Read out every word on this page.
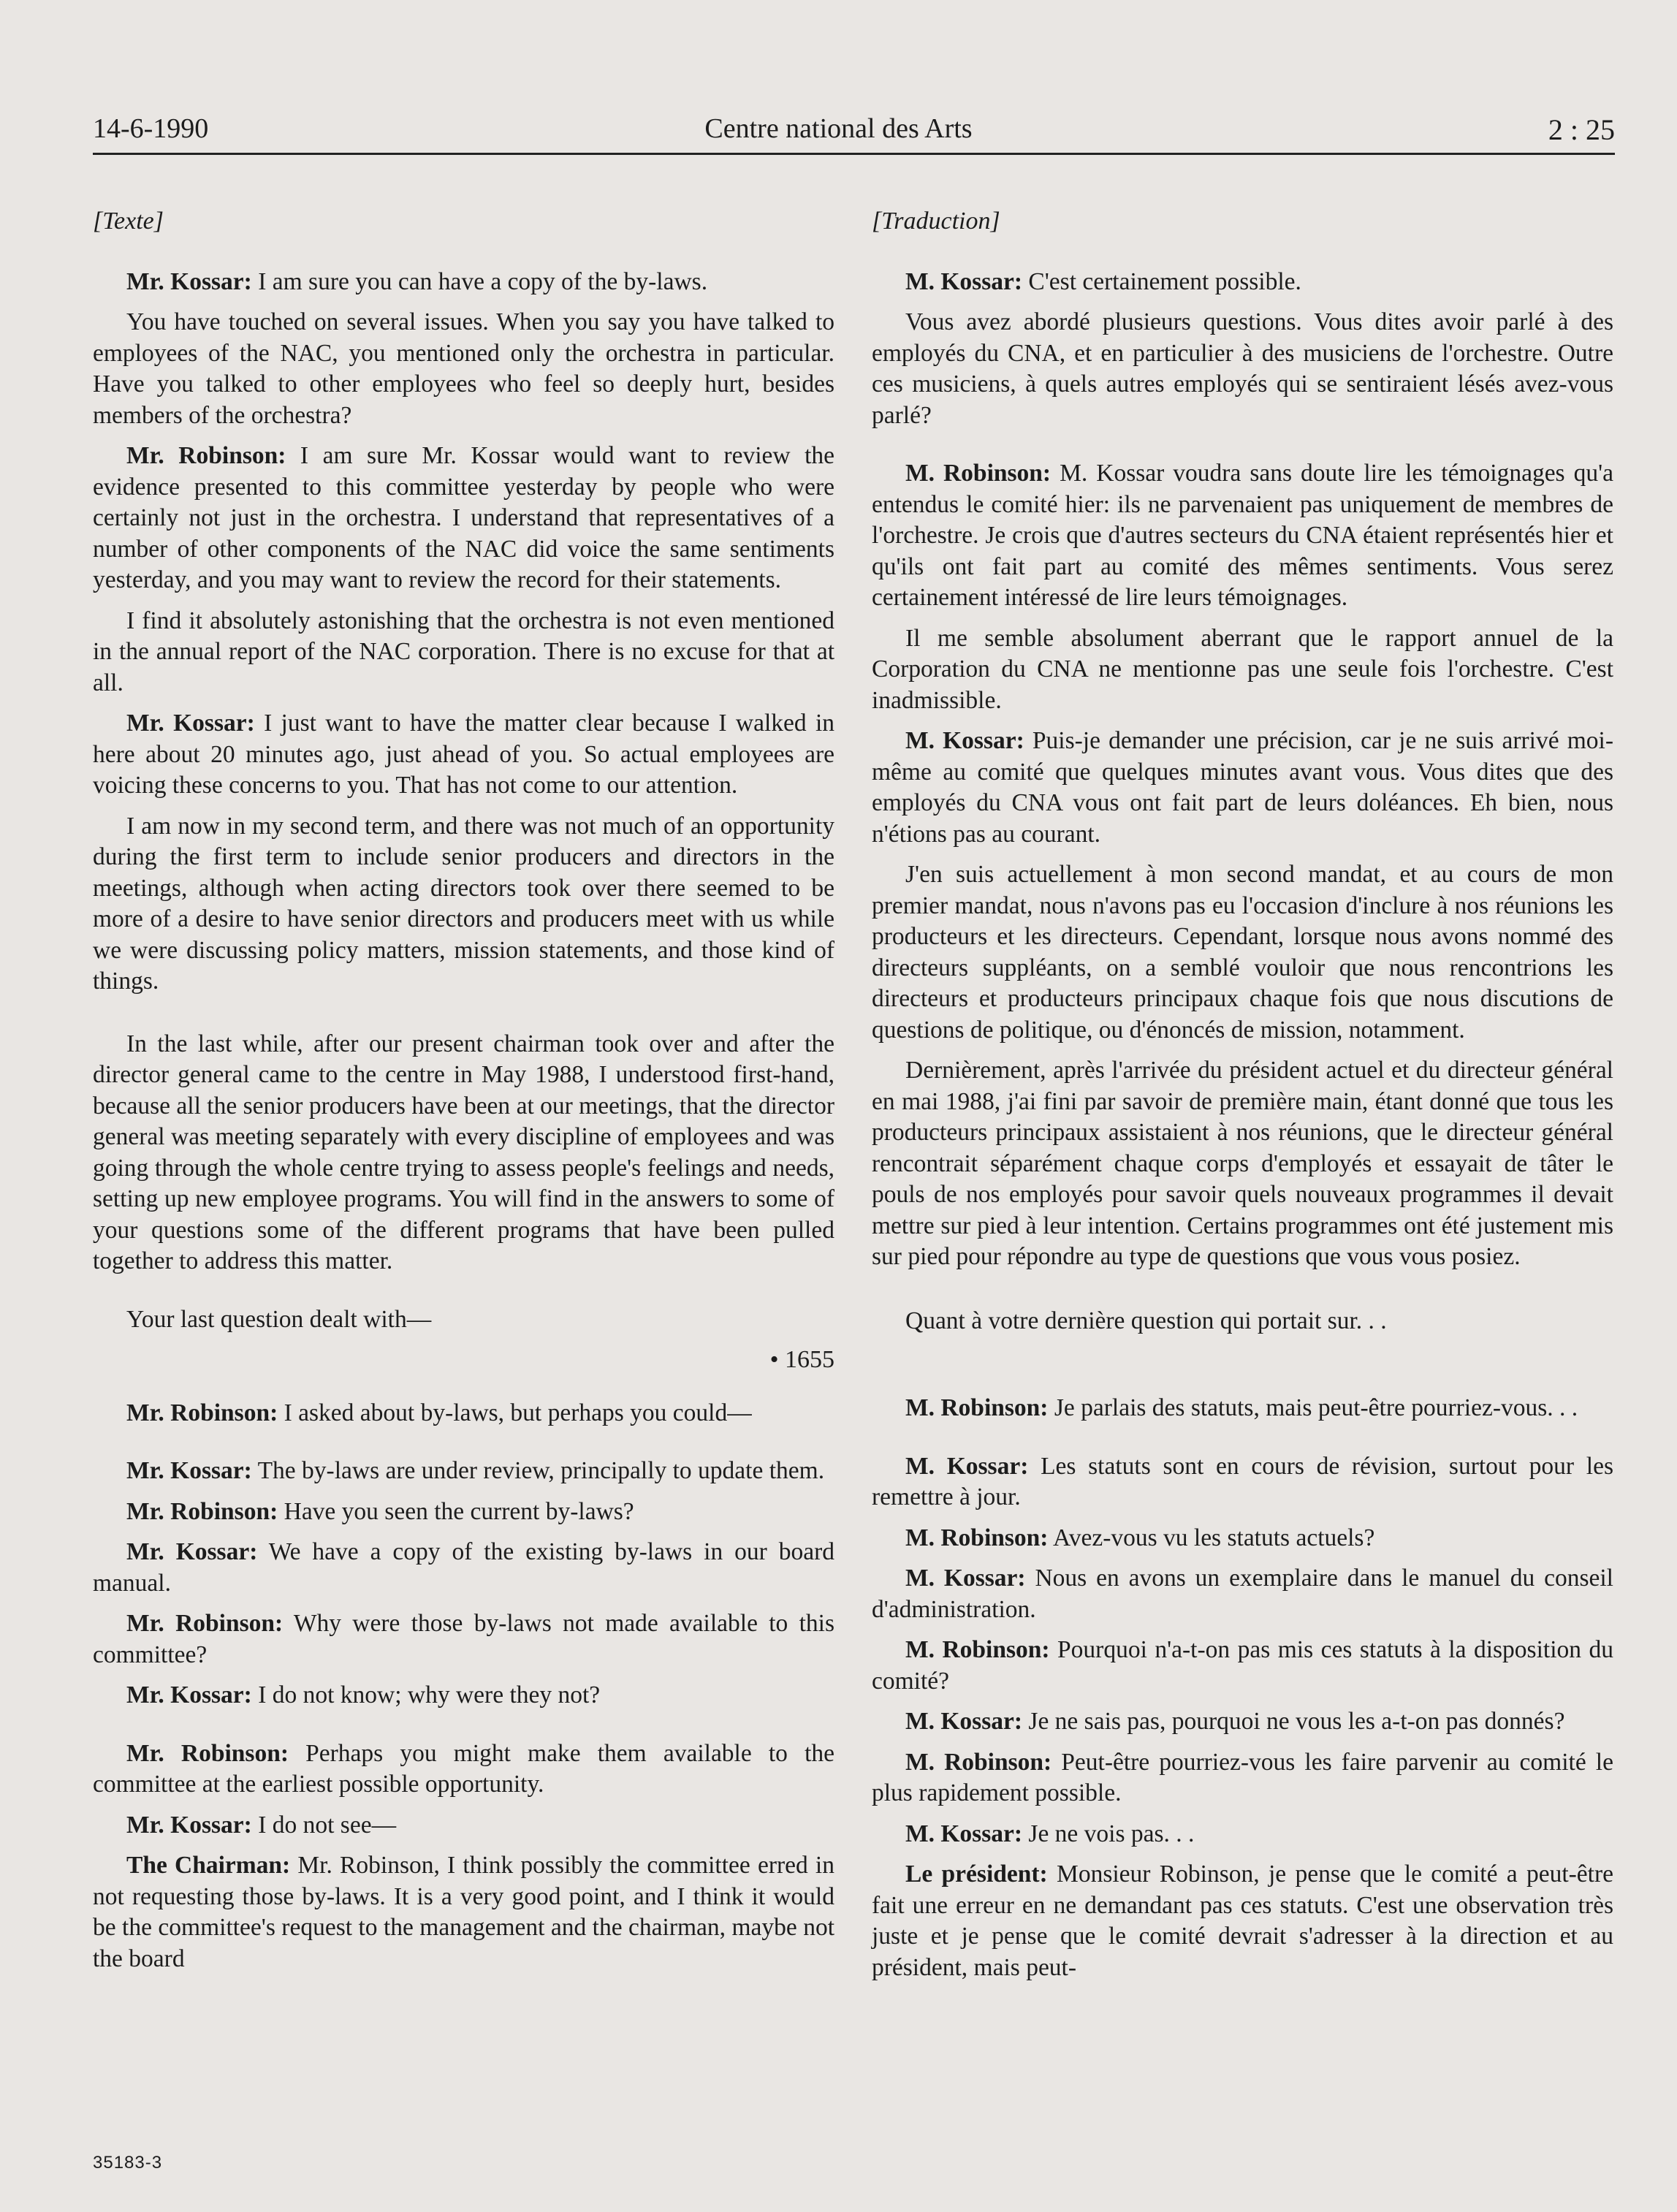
14-6-1990	Centre national des Arts	2 : 25
[Texte]

Mr. Kossar: I am sure you can have a copy of the by-laws.

You have touched on several issues. When you say you have talked to employees of the NAC, you mentioned only the orchestra in particular. Have you talked to other employees who feel so deeply hurt, besides members of the orchestra?

Mr. Robinson: I am sure Mr. Kossar would want to review the evidence presented to this committee yesterday by people who were certainly not just in the orchestra. I understand that representatives of a number of other components of the NAC did voice the same sentiments yesterday, and you may want to review the record for their statements.

I find it absolutely astonishing that the orchestra is not even mentioned in the annual report of the NAC corporation. There is no excuse for that at all.

Mr. Kossar: I just want to have the matter clear because I walked in here about 20 minutes ago, just ahead of you. So actual employees are voicing these concerns to you. That has not come to our attention.

I am now in my second term, and there was not much of an opportunity during the first term to include senior producers and directors in the meetings, although when acting directors took over there seemed to be more of a desire to have senior directors and producers meet with us while we were discussing policy matters, mission statements, and those kind of things.

In the last while, after our present chairman took over and after the director general came to the centre in May 1988, I understood first-hand, because all the senior producers have been at our meetings, that the director general was meeting separately with every discipline of employees and was going through the whole centre trying to assess people's feelings and needs, setting up new employee programs. You will find in the answers to some of your questions some of the different programs that have been pulled together to address this matter.

Your last question dealt with—

• 1655

Mr. Robinson: I asked about by-laws, but perhaps you could—

Mr. Kossar: The by-laws are under review, principally to update them.

Mr. Robinson: Have you seen the current by-laws?

Mr. Kossar: We have a copy of the existing by-laws in our board manual.

Mr. Robinson: Why were those by-laws not made available to this committee?

Mr. Kossar: I do not know; why were they not?

Mr. Robinson: Perhaps you might make them available to the committee at the earliest possible opportunity.

Mr. Kossar: I do not see—

The Chairman: Mr. Robinson, I think possibly the committee erred in not requesting those by-laws. It is a very good point, and I think it would be the committee's request to the management and the chairman, maybe not the board

[Traduction]

M. Kossar: C'est certainement possible.

Vous avez abordé plusieurs questions. Vous dites avoir parlé à des employés du CNA, et en particulier à des musiciens de l'orchestre. Outre ces musiciens, à quels autres employés qui se sentiraient lésés avez-vous parlé?

M. Robinson: M. Kossar voudra sans doute lire les témoignages qu'a entendus le comité hier: ils ne parvenaient pas uniquement de membres de l'orchestre. Je crois que d'autres secteurs du CNA étaient représentés hier et qu'ils ont fait part au comité des mêmes sentiments. Vous serez certainement intéressé de lire leurs témoignages.

Il me semble absolument aberrant que le rapport annuel de la Corporation du CNA ne mentionne pas une seule fois l'orchestre. C'est inadmissible.

M. Kossar: Puis-je demander une précision, car je ne suis arrivé moi-même au comité que quelques minutes avant vous. Vous dites que des employés du CNA vous ont fait part de leurs doléances. Eh bien, nous n'étions pas au courant.

J'en suis actuellement à mon second mandat, et au cours de mon premier mandat, nous n'avons pas eu l'occasion d'inclure à nos réunions les producteurs et les directeurs. Cependant, lorsque nous avons nommé des directeurs suppléants, on a semblé vouloir que nous rencontrions les directeurs et producteurs principaux chaque fois que nous discutions de questions de politique, ou d'énoncés de mission, notamment.

Dernièrement, après l'arrivée du président actuel et du directeur général en mai 1988, j'ai fini par savoir de première main, étant donné que tous les producteurs principaux assistaient à nos réunions, que le directeur général rencontrait séparément chaque corps d'employés et essayait de tâter le pouls de nos employés pour savoir quels nouveaux programmes il devait mettre sur pied à leur intention. Certains programmes ont été justement mis sur pied pour répondre au type de questions que vous vous posiez.

Quant à votre dernière question qui portait sur. . .

M. Robinson: Je parlais des statuts, mais peut-être pourriez-vous. . .

M. Kossar: Les statuts sont en cours de révision, surtout pour les remettre à jour.

M. Robinson: Avez-vous vu les statuts actuels?

M. Kossar: Nous en avons un exemplaire dans le manuel du conseil d'administration.

M. Robinson: Pourquoi n'a-t-on pas mis ces statuts à la disposition du comité?

M. Kossar: Je ne sais pas, pourquoi ne vous les a-t-on pas donnés?

M. Robinson: Peut-être pourriez-vous les faire parvenir au comité le plus rapidement possible.

M. Kossar: Je ne vois pas. . .

Le président: Monsieur Robinson, je pense que le comité a peut-être fait une erreur en ne demandant pas ces statuts. C'est une observation très juste et je pense que le comité devrait s'adresser à la direction et au président, mais peut-

35183-3
